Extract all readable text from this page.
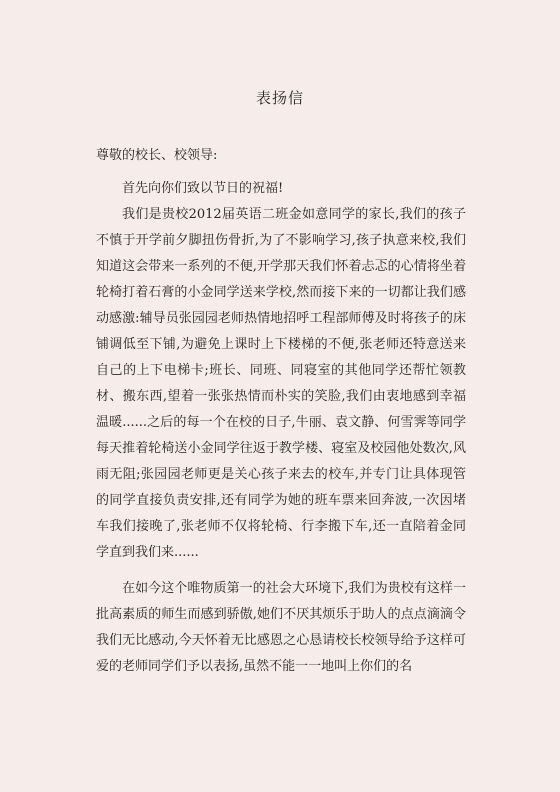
表扬信

尊敬的校长、校领导:

首先向你们致以节日的祝福!

我们是贵校2012届英语二班金如意同学的家长,我们的孩子不慎于开学前夕脚扭伤骨折,为了不影响学习,孩子执意来校,我们知道这会带来一系列的不便,开学那天我们怀着忐忑的心情将坐着轮椅打着石膏的小金同学送来学校,然而接下来的一切都让我们感动感激:辅导员张园园老师热情地招呼工程部师傅及时将孩子的床铺调低至下铺,为避免上课时上下楼梯的不便,张老师还特意送来自己的上下电梯卡;班长、同班、同寝室的其他同学还帮忙领教材、搬东西,望着一张张热情而朴实的笑脸,我们由衷地感到幸福温暖......之后的每一个在校的日子,牛丽、袁文静、何雪霁等同学每天推着轮椅送小金同学往返于教学楼、寝室及校园他处数次,风雨无阻;张园园老师更是关心孩子来去的校车,并专门让具体现管的同学直接负责安排,还有同学为她的班车票来回奔波,一次因堵车我们接晚了,张老师不仅将轮椅、行李搬下车,还一直陪着金同学直到我们来......

在如今这个唯物质第一的社会大环境下,我们为贵校有这样一批高素质的师生而感到骄傲,她们不厌其烦乐于助人的点点滴滴令我们无比感动,今天怀着无比感恩之心恳请校长校领导给予这样可爱的老师同学们予以表扬,虽然不能一一地叫上你们的名
